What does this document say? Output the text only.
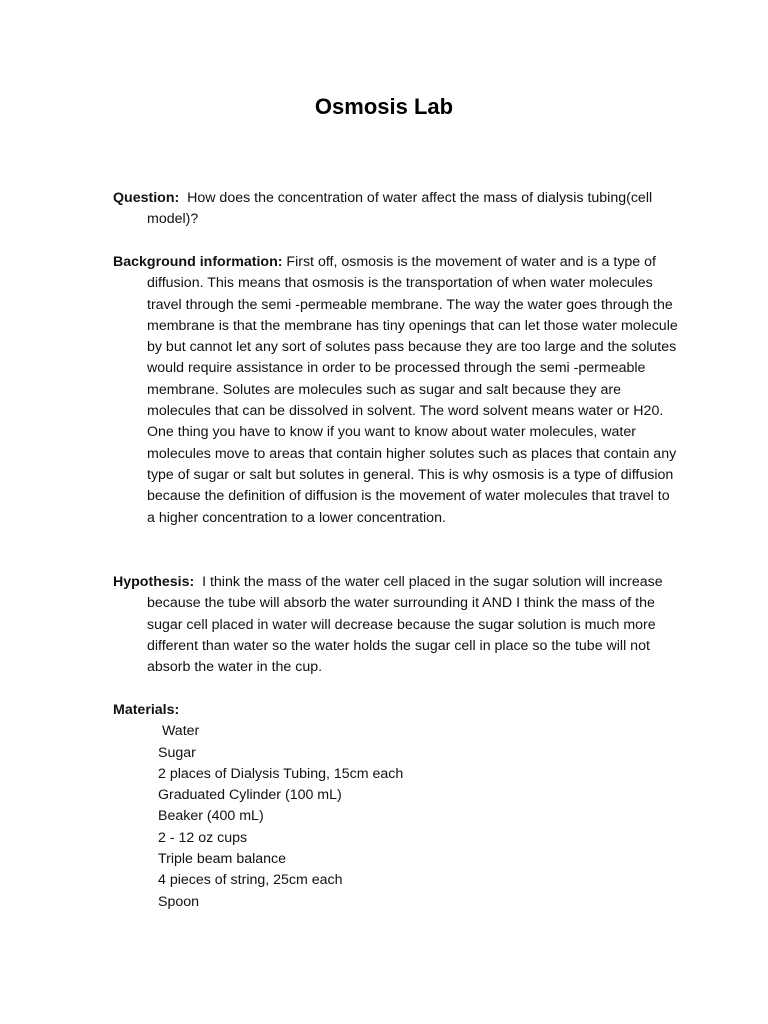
Osmosis Lab

Question: How does the concentration of water affect the mass of dialysis tubing(cell model)?

Background information: First off, osmosis is the movement of water and is a type of diffusion. This means that osmosis is the transportation of when water molecules travel through the semi -permeable membrane. The way the water goes through the membrane is that the membrane has tiny openings that can let those water molecule by but cannot let any sort of solutes pass because they are too large and the solutes would require assistance in order to be processed through the semi -permeable membrane. Solutes are molecules such as sugar and salt because they are molecules that can be dissolved in solvent. The word solvent means water or H20. One thing you have to know if you want to know about water molecules, water molecules move to areas that contain higher solutes such as places that contain any type of sugar or salt but solutes in general. This is why osmosis is a type of diffusion because the definition of diffusion is the movement of water molecules that travel to a higher concentration to a lower concentration.

Hypothesis: I think the mass of the water cell placed in the sugar solution will increase because the tube will absorb the water surrounding it AND I think the mass of the sugar cell placed in water will decrease because the sugar solution is much more different than water so the water holds the sugar cell in place so the tube will not absorb the water in the cup.

Materials:

Water
Sugar
2 places of Dialysis Tubing, 15cm each
Graduated Cylinder (100 mL)
Beaker (400 mL)
2 - 12 oz cups
Triple beam balance
4 pieces of string, 25cm each
Spoon
